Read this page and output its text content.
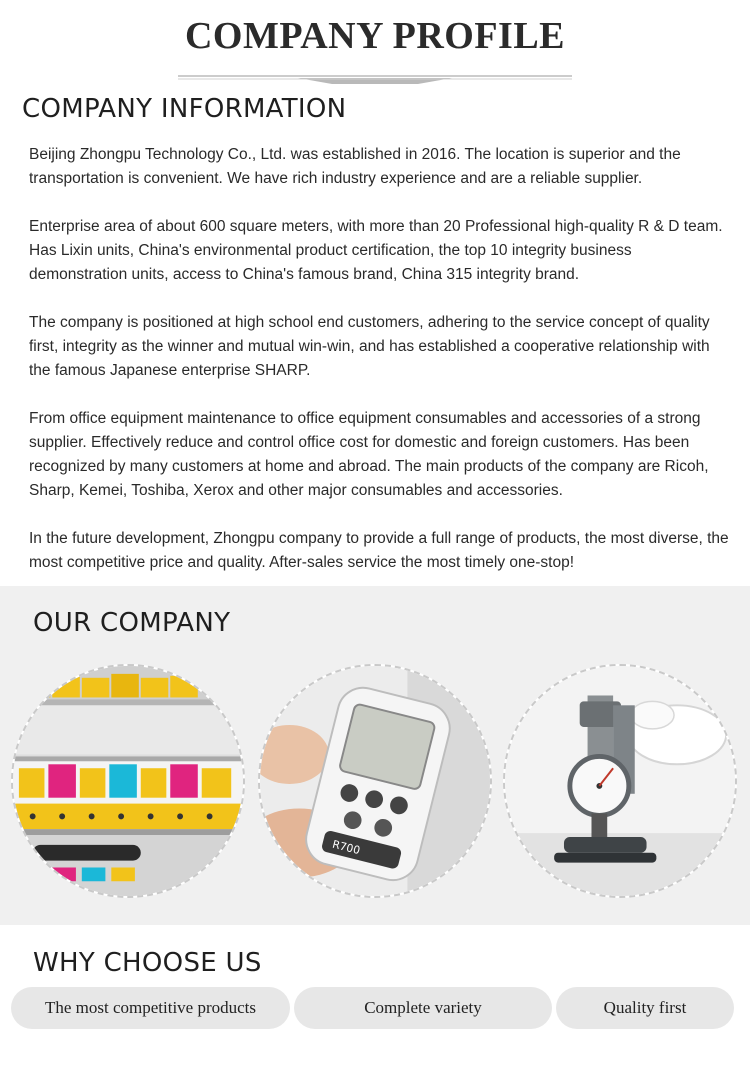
COMPANY PROFILE
COMPANY INFORMATION

Beijing Zhongpu Technology Co., Ltd. was established in 2016. The location is superior and the transportation is convenient. We have rich industry experience and are a reliable supplier.

Enterprise area of about 600 square meters, with more than 20 Professional high-quality R & D team. Has Lixin units, China's environmental product certification, the top 10 integrity business demonstration units, access to China's famous brand, China 315 integrity brand.

The company is positioned at high school end customers, adhering to the service concept of quality first, integrity as the winner and mutual win-win, and has established a cooperative relationship with the famous Japanese enterprise SHARP.

From office equipment maintenance to office equipment consumables and accessories of a strong supplier. Effectively reduce and control office cost for domestic and foreign customers. Has been recognized by many customers at home and abroad. The main products of the company are Ricoh, Sharp, Kemei, Toshiba, Xerox and other major consumables and accessories.

In the future development, Zhongpu company to provide a full range of products, the most diverse, the most competitive price and quality. After-sales service the most timely one-stop!

OUR COMPANY
R700
WHY CHOOSE US
The most competitive products	Complete variety	Quality first
